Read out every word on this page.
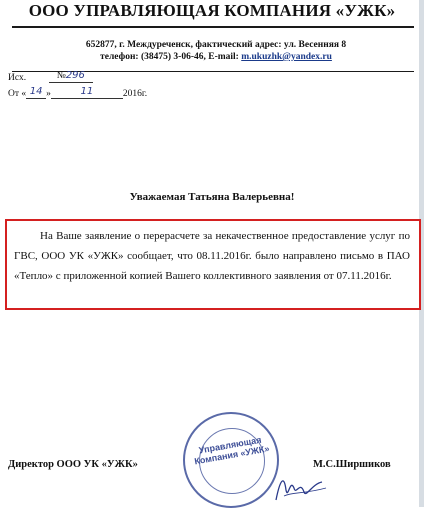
ООО УПРАВЛЯЮЩАЯ КОМПАНИЯ «УЖК»
652877, г. Междуреченск, фактический адрес: ул. Весенняя 8
телефон: (38475) 3-06-46, E-mail: m.ukuzhk@yandex.ru
Исх.	№296
От « 14 »	11	2016г.
Уважаемая Татьяна Валерьевна!
На Ваше заявление о перерасчете за некачественное предоставление услуг по ГВС, ООО УК «УЖК» сообщает, что 08.11.2016г. было направлено письмо в ПАО «Тепло» с приложенной копией Вашего коллективного заявления от 07.11.2016г.
Управляющая Компания «УЖК»
Директор ООО УК «УЖК»	М.С.Ширшиков
